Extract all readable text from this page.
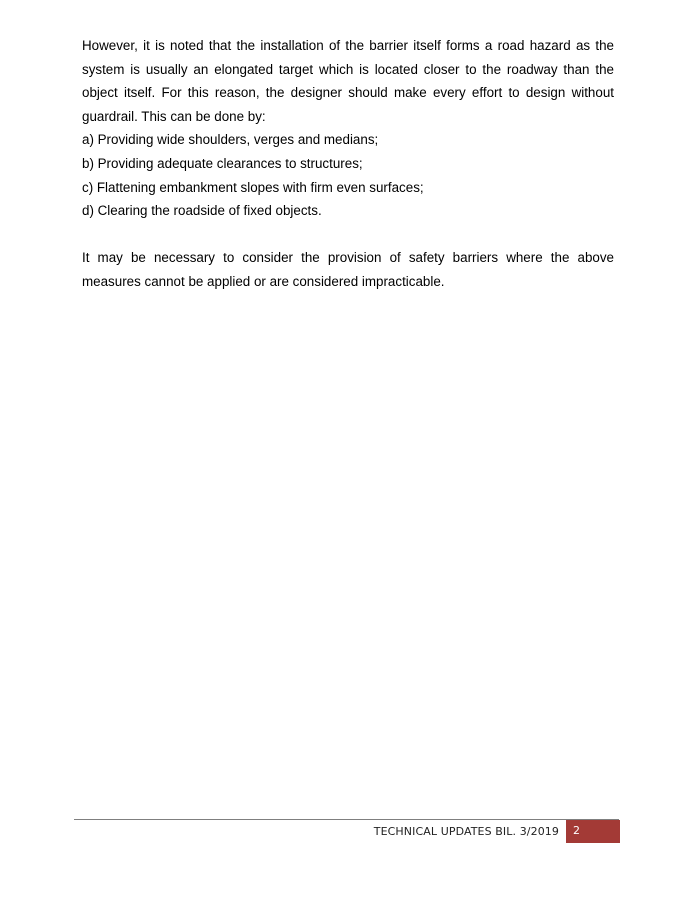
However, it is noted that the installation of the barrier itself forms a road hazard as the system is usually an elongated target which is located closer to the roadway than the object itself. For this reason, the designer should make every effort to design without guardrail. This can be done by:

a) Providing wide shoulders, verges and medians;
b) Providing adequate clearances to structures;
c) Flattening embankment slopes with firm even surfaces;
d) Clearing the roadside of fixed objects.

It may be necessary to consider the provision of safety barriers where the above measures cannot be applied or are considered impracticable.

TECHNICAL UPDATES BIL. 3/2019	2
